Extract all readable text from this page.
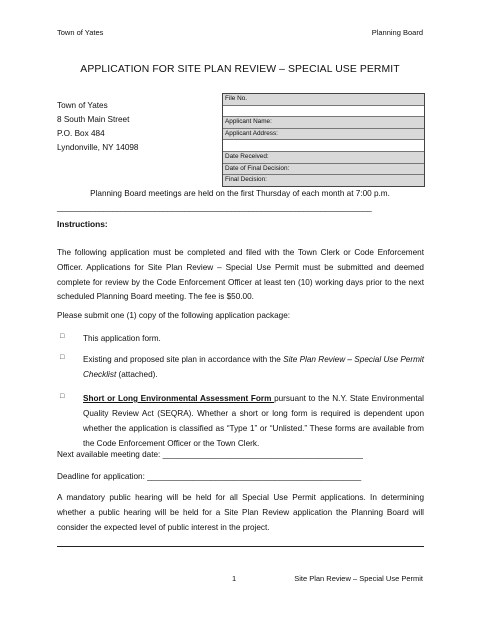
Town of Yates	Planning Board
APPLICATION FOR SITE PLAN REVIEW – SPECIAL USE PERMIT
Town of Yates
8 South Main Street
P.O. Box 484
Lyndonville, NY 14098
File No.
Applicant Name:
Applicant Address:
Date Received:
Date of Final Decision:
Final Decision:
Planning Board meetings are held on the first Thursday of each month at 7:00 p.m.
__________________________________________________________________________
Instructions:
The following application must be completed and filed with the Town Clerk or Code Enforcement Officer. Applications for Site Plan Review – Special Use Permit must be submitted and deemed complete for review by the Code Enforcement Officer at least ten (10) working days prior to the next scheduled Planning Board meeting. The fee is $50.00.
Please submit one (1) copy of the following application package:
□ This application form.
□ Existing and proposed site plan in accordance with the Site Plan Review – Special Use Permit Checklist (attached).
□ Short or Long Environmental Assessment Form pursuant to the N.Y. State Environmental Quality Review Act (SEQRA). Whether a short or long form is required is dependent upon whether the application is classified as “Type 1” or “Unlisted.” These forms are available from the Code Enforcement Officer or the Town Clerk.
Next available meeting date: ____________________________________________
Deadline for application: _______________________________________________
A mandatory public hearing will be held for all Special Use Permit applications. In determining whether a public hearing will be held for a Site Plan Review application the Planning Board will consider the expected level of public interest in the project.
1	Site Plan Review – Special Use Permit
